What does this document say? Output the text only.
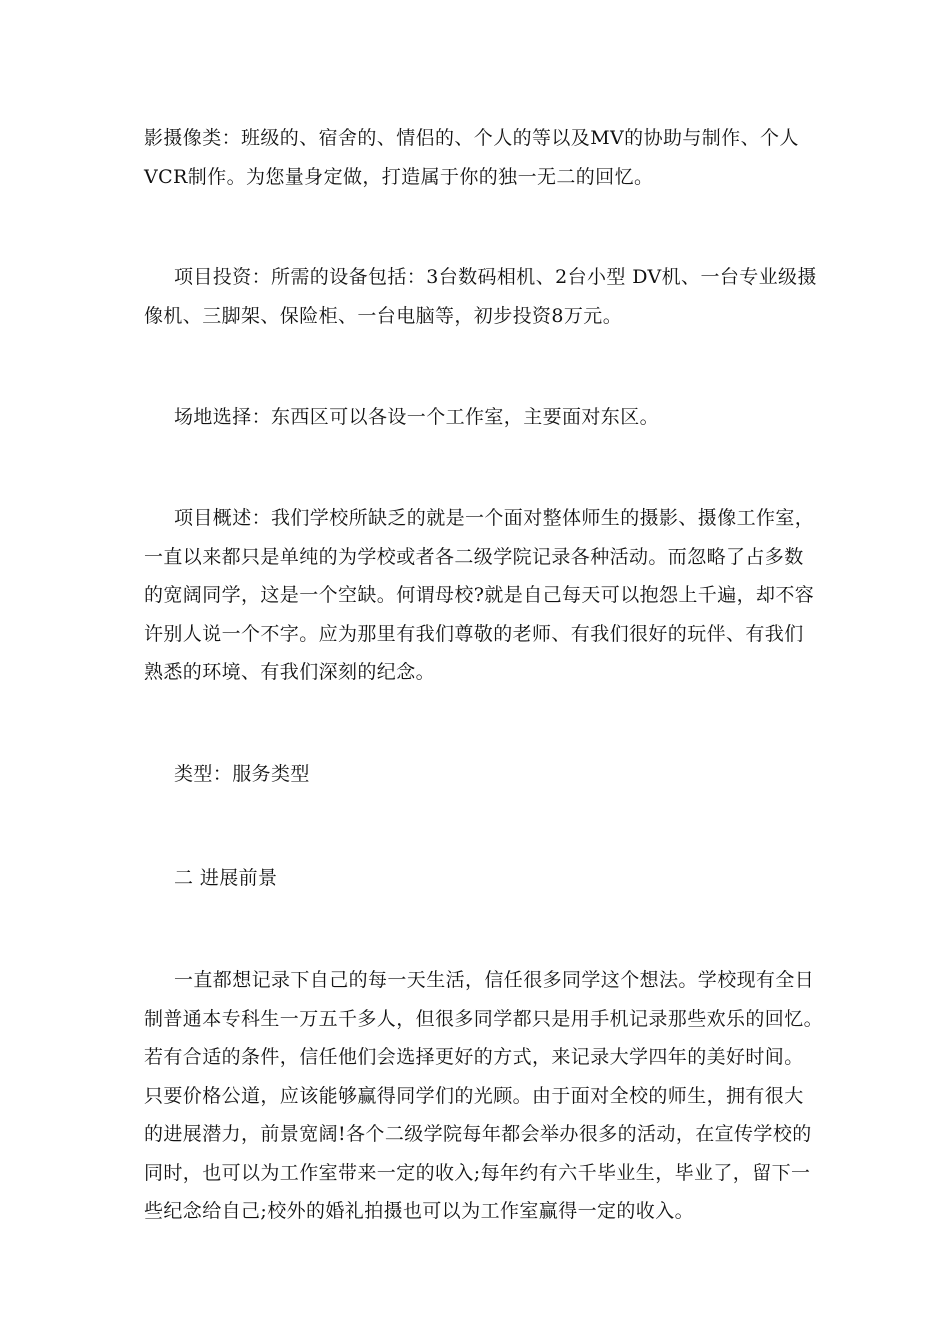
影摄像类：班级的、宿舍的、情侣的、个人的等以及MV的协助与制作、个人
VCR制作。为您量身定做，打造属于你的独一无二的回忆。

项目投资：所需的设备包括：3台数码相机、2台小型 DV机、一台专业级摄
像机、三脚架、保险柜、一台电脑等，初步投资8万元。

场地选择：东西区可以各设一个工作室，主要面对东区。

项目概述：我们学校所缺乏的就是一个面对整体师生的摄影、摄像工作室，
一直以来都只是单纯的为学校或者各二级学院记录各种活动。而忽略了占多数
的宽阔同学，这是一个空缺。何谓母校?就是自己每天可以抱怨上千遍，却不容
许别人说一个不字。应为那里有我们尊敬的老师、有我们很好的玩伴、有我们
熟悉的环境、有我们深刻的纪念。

类型：服务类型

二 进展前景

一直都想记录下自己的每一天生活，信任很多同学这个想法。学校现有全日
制普通本专科生一万五千多人，但很多同学都只是用手机记录那些欢乐的回忆。
若有合适的条件，信任他们会选择更好的方式，来记录大学四年的美好时间。
只要价格公道，应该能够赢得同学们的光顾。由于面对全校的师生，拥有很大
的进展潜力，前景宽阔!各个二级学院每年都会举办很多的活动，在宣传学校的
同时，也可以为工作室带来一定的收入;每年约有六千毕业生，毕业了，留下一
些纪念给自己;校外的婚礼拍摄也可以为工作室赢得一定的收入。
